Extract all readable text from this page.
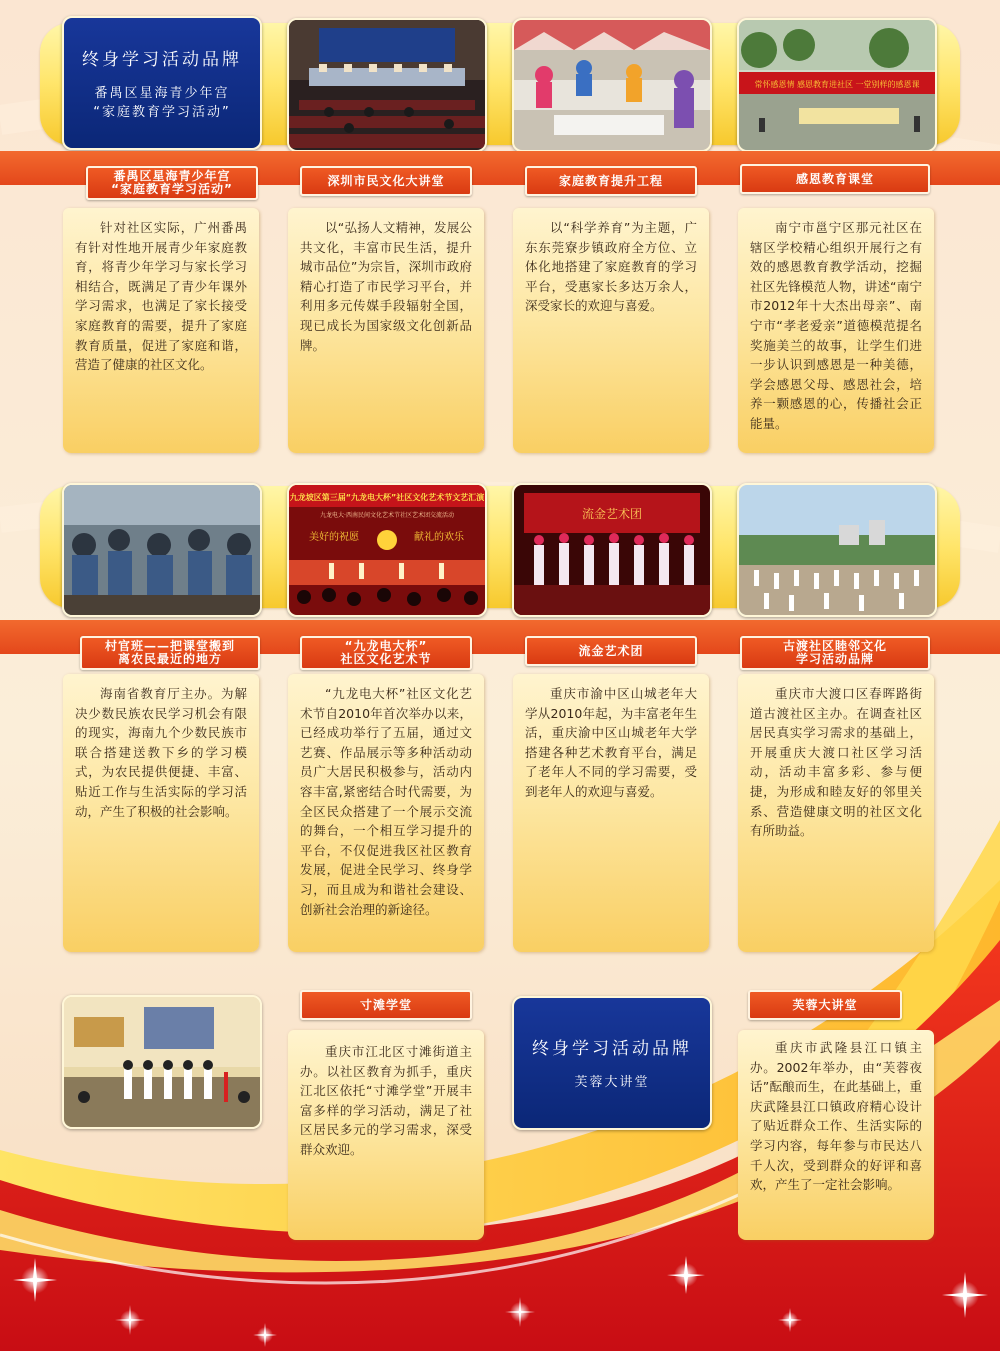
终身学习活动品牌
番禺区星海青少年宫
“家庭教育学习活动”
常怀感恩情 感恩教育进社区 一堂别样的感恩课
番禺区星海青少年宫
“家庭教育学习活动”
深圳市民文化大讲堂	家庭教育提升工程	感恩教育课堂

针对社区实际，广州番禺有针对性地开展青少年家庭教育，将青少年学习与家长学习相结合，既满足了青少年课外学习需求，也满足了家长接受家庭教育的需要，提升了家庭教育质量，促进了家庭和谐，营造了健康的社区文化。

以“弘扬人文精神，发展公共文化，丰富市民生活，提升城市品位”为宗旨，深圳市政府精心打造了市民学习平台，并利用多元传媒手段辐射全国，现已成长为国家级文化创新品牌。

以“科学养育”为主题，广东东莞寮步镇政府全方位、立体化地搭建了家庭教育的学习平台，受惠家长多达万余人，深受家长的欢迎与喜爱。

南宁市邕宁区那元社区在辖区学校精心组织开展行之有效的感恩教育教学活动，挖掘社区先锋模范人物，讲述“南宁市2012年十大杰出母亲”、南宁市“孝老爱亲”道德模范提名奖施美兰的故事，让学生们进一步认识到感恩是一种美德，学会感恩父母、感恩社会，培养一颗感恩的心，传播社会正能量。

九龙坡区第三届“九龙电大杯”社区文化艺术节文艺汇演
九龙电大·西南民间文化艺术节社区艺术团交流活动
美好的祝愿	献礼的欢乐
流金艺术团
村官班——把课堂搬到
离农民最近的地方
“九龙电大杯”
社区文化艺术节
流金艺术团	古渡社区睦邻文化
学习活动品牌

海南省教育厅主办。为解决少数民族农民学习机会有限的现实，海南九个少数民族市联合搭建送教下乡的学习模式，为农民提供便捷、丰富、贴近工作与生活实际的学习活动，产生了积极的社会影响。

“九龙电大杯”社区文化艺术节自2010年首次举办以来，已经成功举行了五届，通过文艺赛、作品展示等多种活动动员广大居民积极参与，活动内容丰富,紧密结合时代需要，为全区民众搭建了一个展示交流的舞台，一个相互学习提升的平台，不仅促进我区社区教育发展，促进全民学习、终身学习，而且成为和谐社会建设、创新社会治理的新途径。

重庆市渝中区山城老年大学从2010年起，为丰富老年生活，重庆渝中区山城老年大学搭建各种艺术教育平台，满足了老年人不同的学习需要，受到老年人的欢迎与喜爱。

重庆市大渡口区春晖路街道古渡社区主办。在调查社区居民真实学习需求的基础上，开展重庆大渡口社区学习活动，活动丰富多彩、参与便捷，为形成和睦友好的邻里关系、营造健康文明的社区文化有所助益。

寸滩学堂

重庆市江北区寸滩街道主办。以社区教育为抓手，重庆江北区依托“寸滩学堂”开展丰富多样的学习活动，满足了社区居民多元的学习需求，深受群众欢迎。

终身学习活动品牌
芙蓉大讲堂
芙蓉大讲堂

重庆市武隆县江口镇主办。2002年举办，由“芙蓉夜话”酝酿而生，在此基础上，重庆武隆县江口镇政府精心设计了贴近群众工作、生活实际的学习内容，每年参与市民达八千人次，受到群众的好评和喜欢，产生了一定社会影响。
